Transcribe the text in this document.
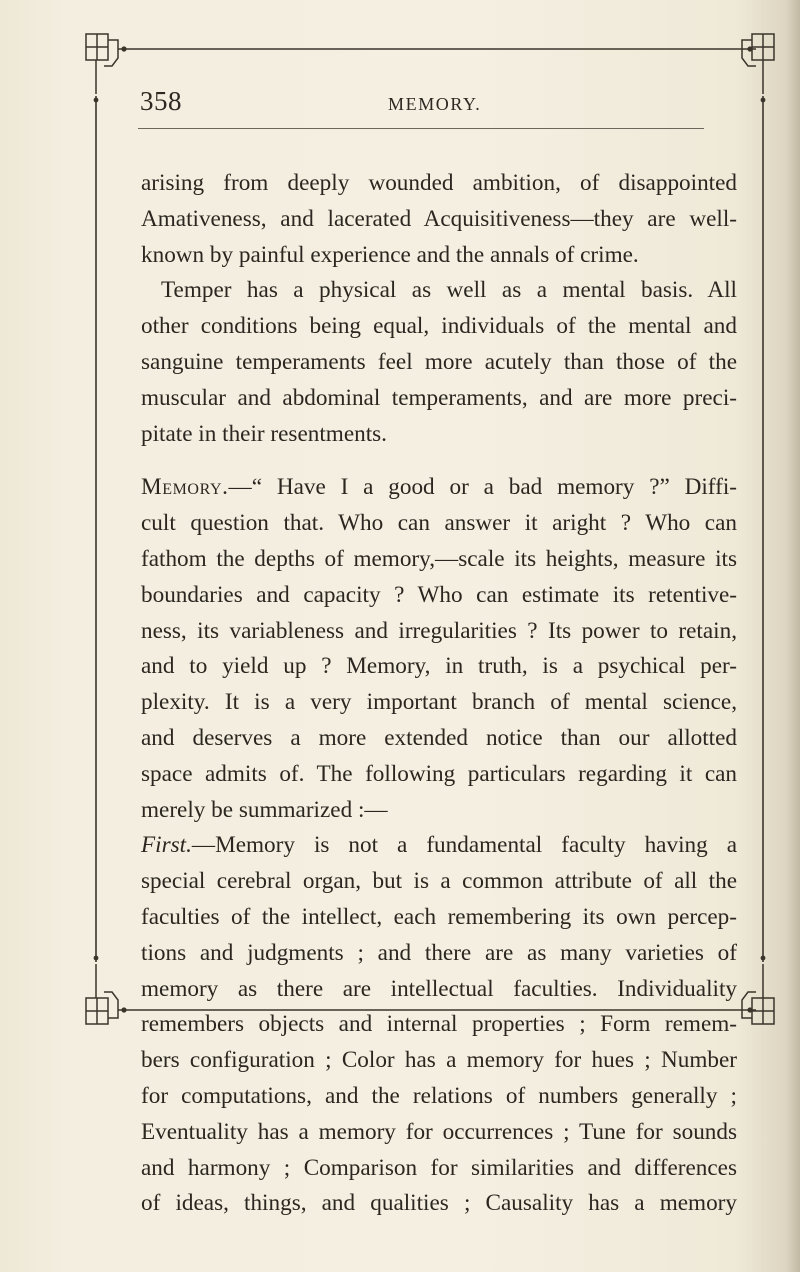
358	MEMORY.
arising from deeply wounded ambition, of disappointed
Amativeness, and lacerated Acquisitiveness—they are well-
known by painful experience and the annals of crime.
Temper has a physical as well as a mental basis. All
other conditions being equal, individuals of the mental and
sanguine temperaments feel more acutely than those of the
muscular and abdominal temperaments, and are more preci-
pitate in their resentments.
Memory.—“ Have I a good or a bad memory ?” Diffi-
cult question that. Who can answer it aright ? Who can
fathom the depths of memory,—scale its heights, measure its
boundaries and capacity ? Who can estimate its retentive-
ness, its variableness and irregularities ? Its power to retain,
and to yield up ? Memory, in truth, is a psychical per-
plexity. It is a very important branch of mental science,
and deserves a more extended notice than our allotted
space admits of. The following particulars regarding it can
merely be summarized :—
First.—Memory is not a fundamental faculty having a
special cerebral organ, but is a common attribute of all the
faculties of the intellect, each remembering its own percep-
tions and judgments ; and there are as many varieties of
memory as there are intellectual faculties. Individuality
remembers objects and internal properties ; Form remem-
bers configuration ; Color has a memory for hues ; Number
for computations, and the relations of numbers generally ;
Eventuality has a memory for occurrences ; Tune for sounds
and harmony ; Comparison for similarities and differences
of ideas, things, and qualities ; Causality has a memory
